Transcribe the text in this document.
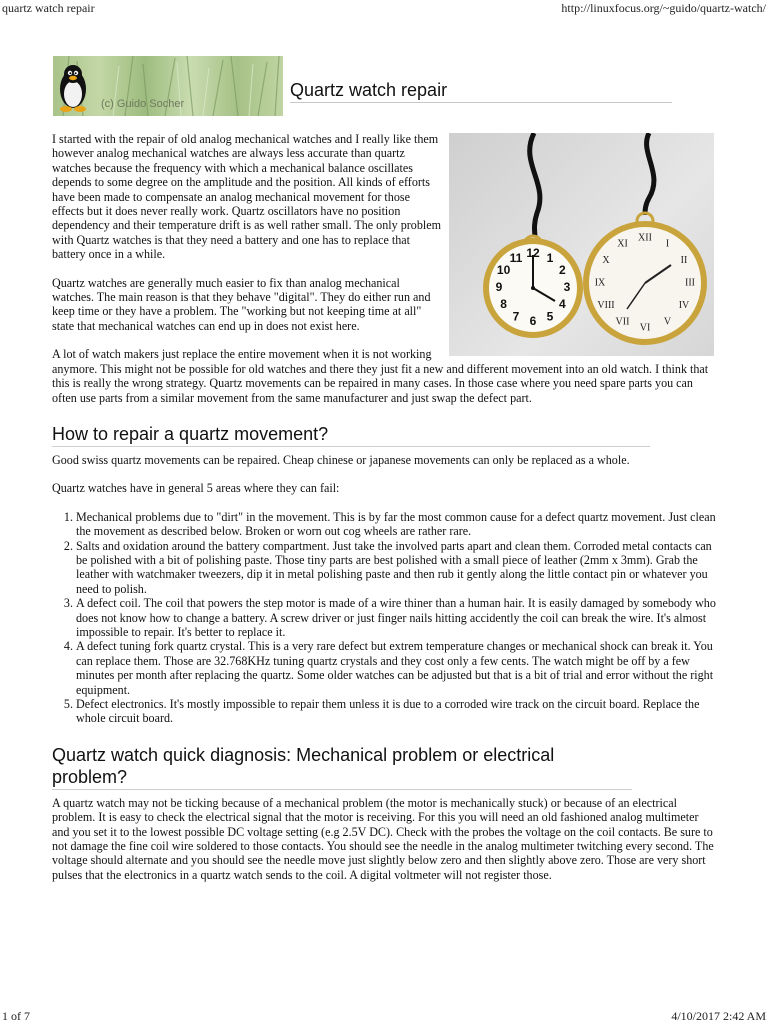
quartz watch repair	http://linuxfocus.org/~guido/quartz-watch/
(c) Guido Socher
Quartz watch repair
XII
I
II
III
IV
V
VI
VII
VIII
IX
X
XI
12 1
2
3
4
5
6
7
8
9
10
11

I started with the repair of old analog mechanical watches and I really like them however analog mechanical watches are always less accurate than quartz watches because the frequency with which a mechanical balance oscillates depends to some degree on the amplitude and the position. All kinds of efforts have been made to compensate an analog mechanical movement for those effects but it does never really work. Quartz oscillators have no position dependency and their temperature drift is as well rather small. The only problem with Quartz watches is that they need a battery and one has to replace that battery once in a while.

Quartz watches are generally much easier to fix than analog mechanical watches. The main reason is that they behave "digital". They do either run and keep time or they have a problem. The "working but not keeping time at all" state that mechanical watches can end up in does not exist here.

A lot of watch makers just replace the entire movement when it is not working anymore. This might not be possible for old watches and there they just fit a new and different movement into an old watch. I think that this is really the wrong strategy. Quartz movements can be repaired in many cases. In those case where you need spare parts you can often use parts from a similar movement from the same manufacturer and just swap the defect part.

How to repair a quartz movement?

Good swiss quartz movements can be repaired. Cheap chinese or japanese movements can only be replaced as a whole.

Quartz watches have in general 5 areas where they can fail:

1. Mechanical problems due to "dirt" in the movement. This is by far the most common cause for a defect quartz movement. Just clean the movement as described below. Broken or worn out cog wheels are rather rare.
2. Salts and oxidation around the battery compartment. Just take the involved parts apart and clean them. Corroded metal contacts can be polished with a bit of polishing paste. Those tiny parts are best polished with a small piece of leather (2mm x 3mm). Grab the leather with watchmaker tweezers, dip it in metal polishing paste and then rub it gently along the little contact pin or whatever you need to polish.
3. A defect coil. The coil that powers the step motor is made of a wire thiner than a human hair. It is easily damaged by somebody who does not know how to change a battery. A screw driver or just finger nails hitting accidently the coil can break the wire. It's almost impossible to repair. It's better to replace it.
4. A defect tuning fork quartz crystal. This is a very rare defect but extrem temperature changes or mechanical shock can break it. You can replace them. Those are 32.768KHz tuning quartz crystals and they cost only a few cents. The watch might be off by a few minutes per month after replacing the quartz. Some older watches can be adjusted but that is a bit of trial and error without the right equipment.
5. Defect electronics. It's mostly impossible to repair them unless it is due to a corroded wire track on the circuit board. Replace the whole circuit board.
Quartz watch quick diagnosis: Mechanical problem or electrical problem?

A quartz watch may not be ticking because of a mechanical problem (the motor is mechanically stuck) or because of an electrical problem. It is easy to check the electrical signal that the motor is receiving. For this you will need an old fashioned analog multimeter and you set it to the lowest possible DC voltage setting (e.g 2.5V DC). Check with the probes the voltage on the coil contacts. Be sure to not damage the fine coil wire soldered to those contacts. You should see the needle in the analog multimeter twitching every second. The voltage should alternate and you should see the needle move just slightly below zero and then slightly above zero. Those are very short pulses that the electronics in a quartz watch sends to the coil. A digital voltmeter will not register those.

1 of 7	4/10/2017 2:42 AM
